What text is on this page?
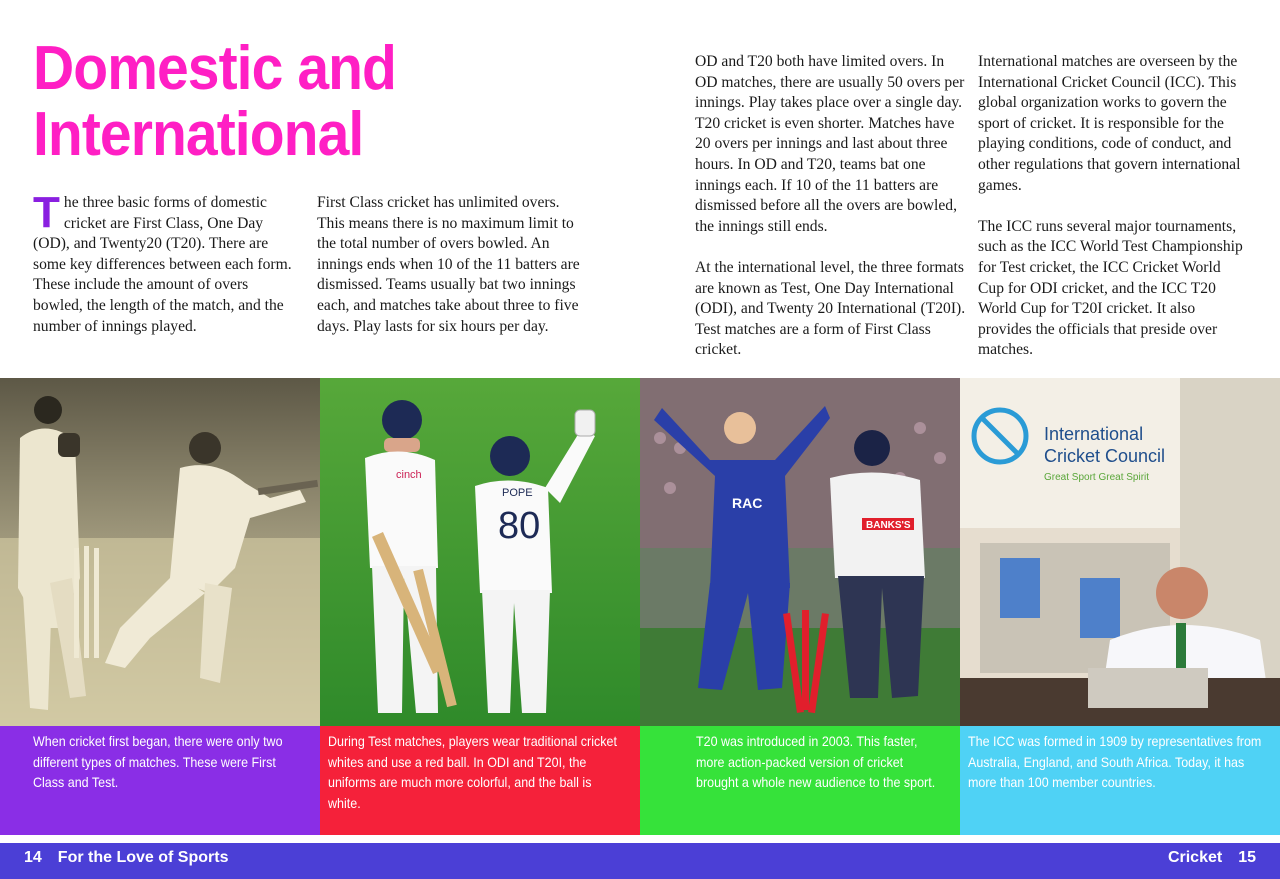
Domestic and
International

The three basic forms of domestic cricket are First Class, One Day (OD), and Twenty20 (T20). There are some key differences between each form. These include the amount of overs bowled, the length of the match, and the number of innings played.

First Class cricket has unlimited overs. This means there is no maximum limit to the total number of overs bowled. An innings ends when 10 of the 11 batters are dismissed. Teams usually bat two innings each, and matches take about three to five days. Play lasts for six hours per day.

OD and T20 both have limited overs. In OD matches, there are usually 50 overs per innings. Play takes place over a single day. T20 cricket is even shorter. Matches have 20 overs per innings and last about three hours. In OD and T20, teams bat one innings each. If 10 of the 11 batters are dismissed before all the overs are bowled, the innings still ends.

At the international level, the three formats are known as Test, One Day International (ODI), and Twenty 20 International (T20I). Test matches are a form of First Class cricket.

International matches are overseen by the International Cricket Council (ICC). This global organization works to govern the sport of cricket. It is responsible for the playing conditions, code of conduct, and other regulations that govern international games.

The ICC runs several major tournaments, such as the ICC World Test Championship for Test cricket, the ICC Cricket World Cup for ODI cricket, and the ICC T20 World Cup for T20I cricket. It also provides the officials that preside over matches.

cinch
POPE
80
RAC
BANKS'S
International
Cricket Council
Great Sport Great Spirit
When cricket first began, there were only two different types of matches. These were First Class and Test.
During Test matches, players wear traditional cricket whites and use a red ball. In ODI and T20I, the uniforms are much more colorful, and the ball is white.
T20 was introduced in 2003. This faster, more action-packed version of cricket brought a whole new audience to the sport.
The ICC was formed in 1909 by representatives from Australia, England, and South Africa. Today, it has more than 100 member countries.
14 For the Love of Sports	Cricket 15
